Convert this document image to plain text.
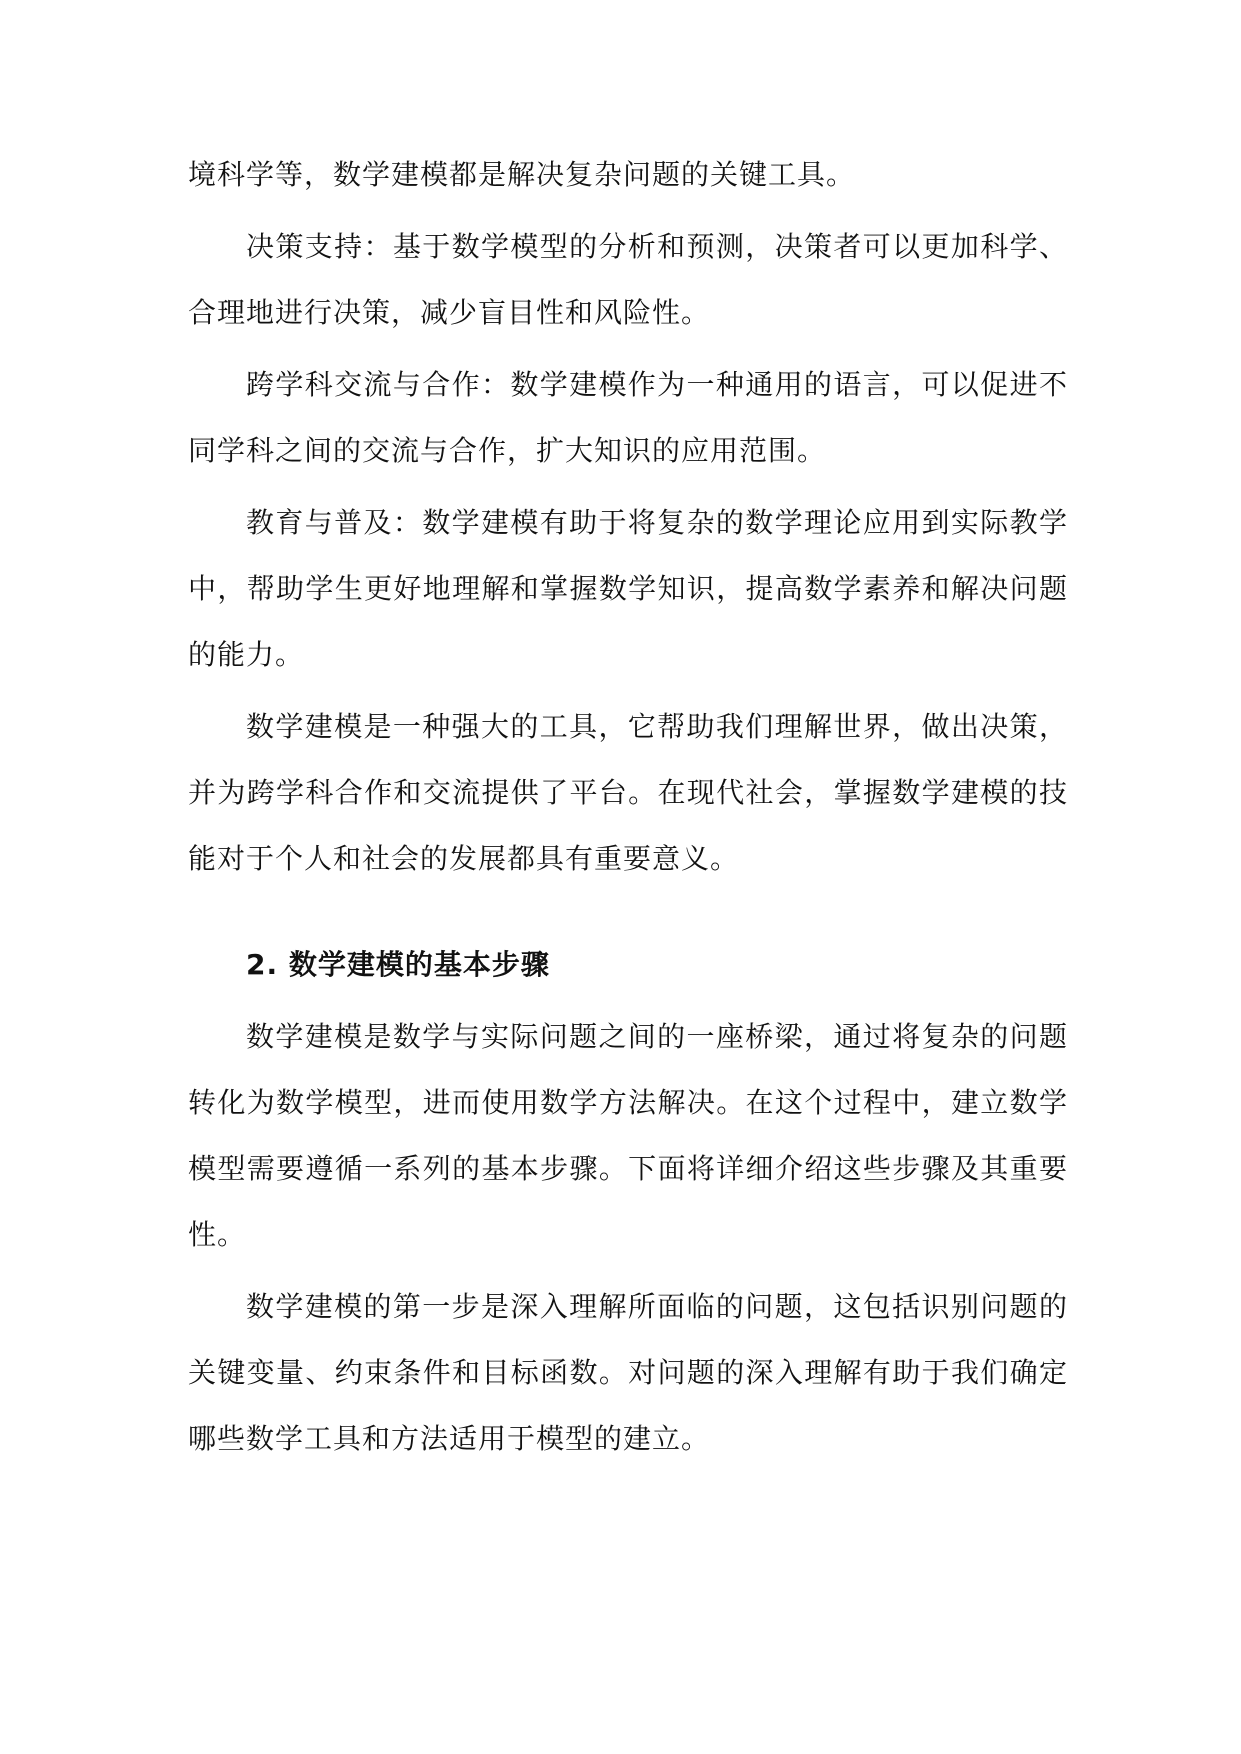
境科学等，数学建模都是解决复杂问题的关键工具。

决策支持：基于数学模型的分析和预测，决策者可以更加科学、合理地进行决策，减少盲目性和风险性。

跨学科交流与合作：数学建模作为一种通用的语言，可以促进不同学科之间的交流与合作，扩大知识的应用范围。

教育与普及：数学建模有助于将复杂的数学理论应用到实际教学中，帮助学生更好地理解和掌握数学知识，提高数学素养和解决问题的能力。

数学建模是一种强大的工具，它帮助我们理解世界，做出决策，并为跨学科合作和交流提供了平台。在现代社会，掌握数学建模的技能对于个人和社会的发展都具有重要意义。

2. 数学建模的基本步骤

数学建模是数学与实际问题之间的一座桥梁，通过将复杂的问题转化为数学模型，进而使用数学方法解决。在这个过程中，建立数学模型需要遵循一系列的基本步骤。下面将详细介绍这些步骤及其重要性。

数学建模的第一步是深入理解所面临的问题，这包括识别问题的关键变量、约束条件和目标函数。对问题的深入理解有助于我们确定哪些数学工具和方法适用于模型的建立。
